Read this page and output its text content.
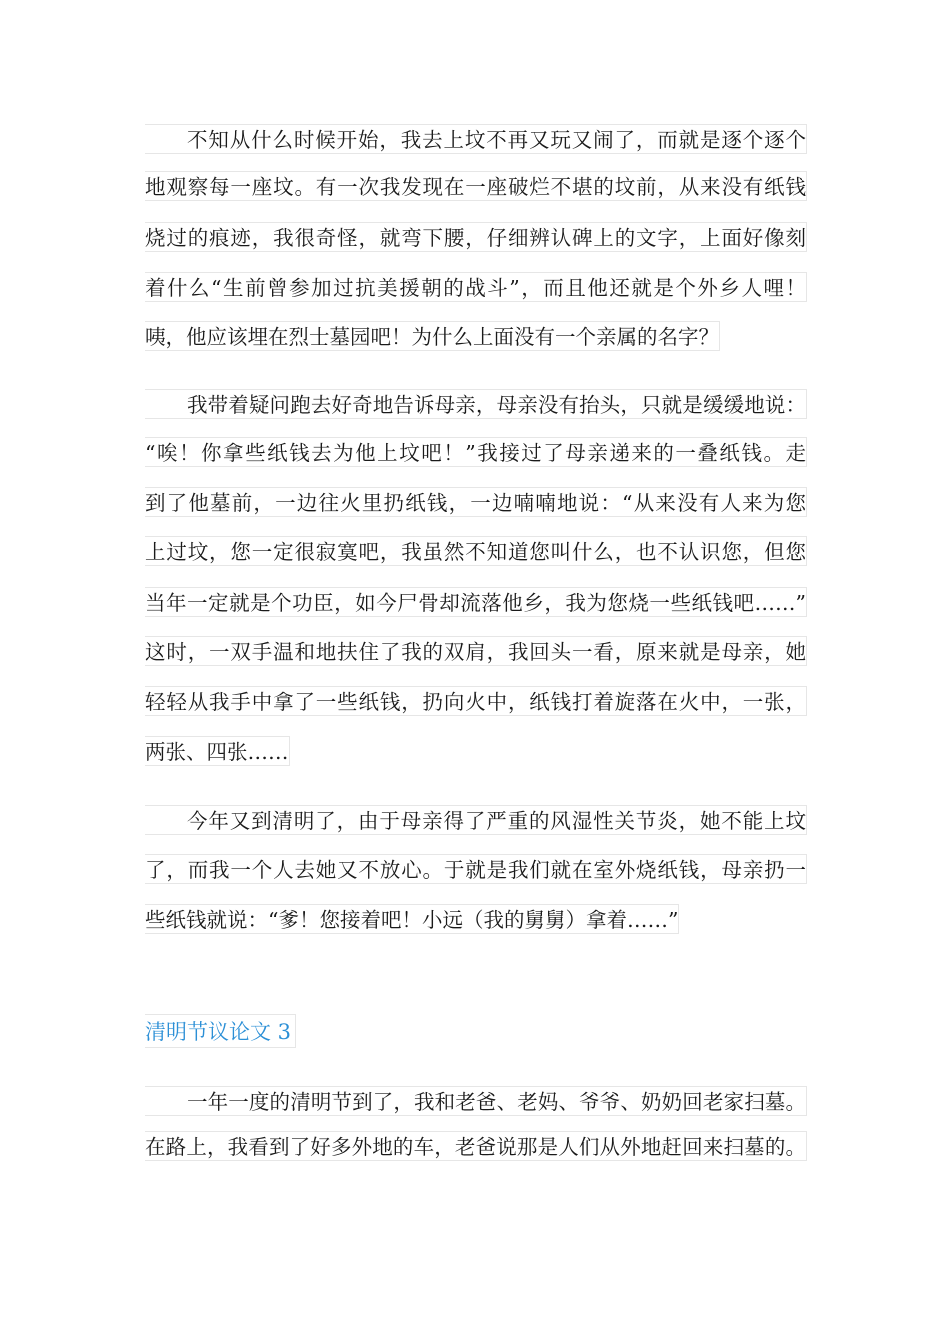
不知从什么时候开始，我去上坟不再又玩又闹了，而就是逐个逐个
地观察每一座坟。有一次我发现在一座破烂不堪的坟前，从来没有纸钱
烧过的痕迹，我很奇怪，就弯下腰，仔细辨认碑上的文字，上面好像刻
着什么“生前曾参加过抗美援朝的战斗”，而且他还就是个外乡人哩！
咦，他应该埋在烈士墓园吧！为什么上面没有一个亲属的名字？
我带着疑问跑去好奇地告诉母亲，母亲没有抬头，只就是缓缓地说：
“唉！你拿些纸钱去为他上坟吧！”我接过了母亲递来的一叠纸钱。走
到了他墓前，一边往火里扔纸钱，一边喃喃地说：“从来没有人来为您
上过坟，您一定很寂寞吧，我虽然不知道您叫什么，也不认识您，但您
当年一定就是个功臣，如今尸骨却流落他乡，我为您烧一些纸钱吧……”
这时，一双手温和地扶住了我的双肩，我回头一看，原来就是母亲，她
轻轻从我手中拿了一些纸钱，扔向火中，纸钱打着旋落在火中，一张，
两张、四张……
今年又到清明了，由于母亲得了严重的风湿性关节炎，她不能上坟
了，而我一个人去她又不放心。于就是我们就在室外烧纸钱，母亲扔一
些纸钱就说：“爹！您接着吧！小远（我的舅舅）拿着……”
清明节议论文 3
一年一度的清明节到了，我和老爸、老妈、爷爷、奶奶回老家扫墓。
在路上，我看到了好多外地的车，老爸说那是人们从外地赶回来扫墓的。
